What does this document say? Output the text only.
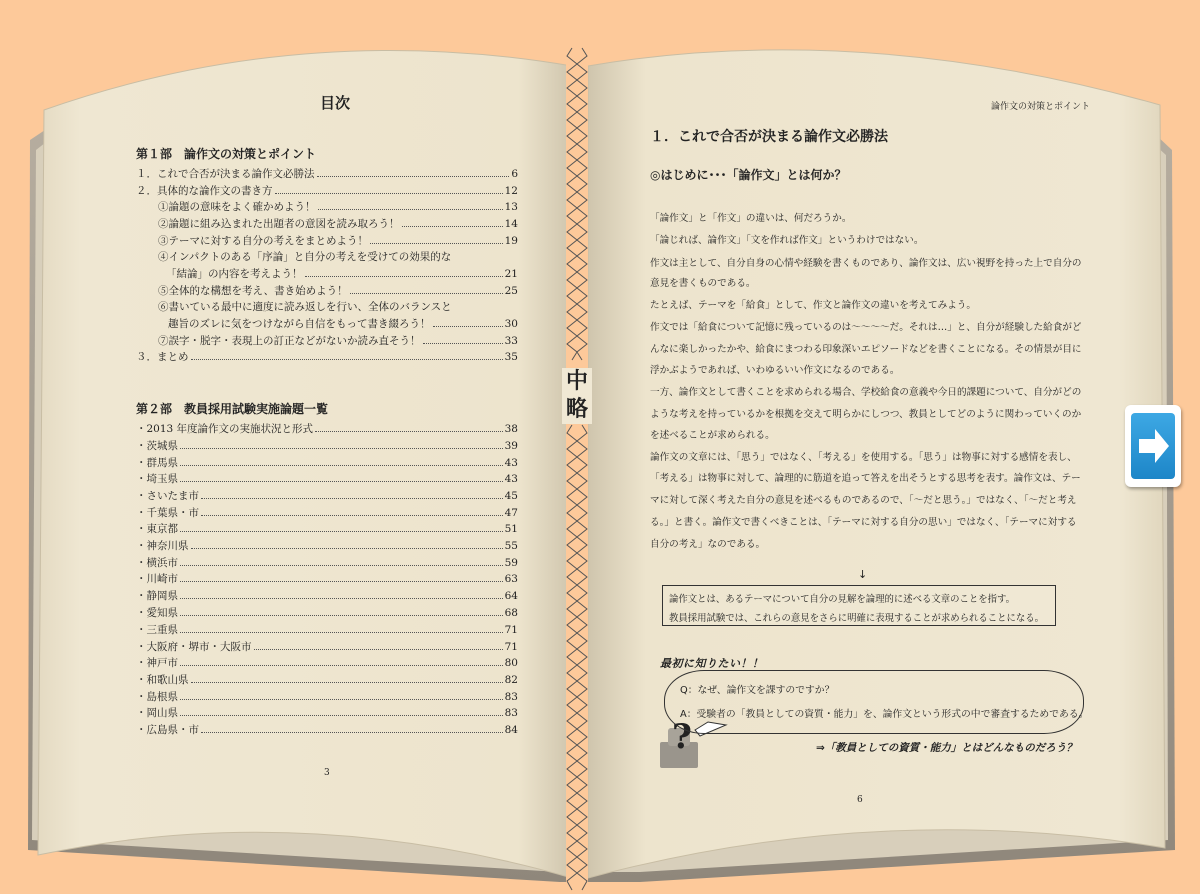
?
目次
第１部　論作文の対策とポイント
１．これで合否が決まる論作文必勝法	6
２．具体的な論作文の書き方	12
①論題の意味をよく確かめよう！	13
②論題に組み込まれた出題者の意図を読み取ろう！	14
③テーマに対する自分の考えをまとめよう！	19
④インパクトのある「序論」と自分の考えを受けての効果的な
「結論」の内容を考えよう！	21
⑤全体的な構想を考え、書き始めよう！	25
⑥書いている最中に適度に読み返しを行い、全体のバランスと
趣旨のズレに気をつけながら自信をもって書き綴ろう！	30
⑦誤字・脱字・表現上の訂正などがないか読み直そう！	33
３．まとめ	35
第２部　教員採用試験実施論題一覧
・2013 年度論作文の実施状況と形式	38
・茨城県	39
・群馬県	43
・埼玉県	43
・さいたま市	45
・千葉県・市	47
・東京都	51
・神奈川県	55
・横浜市	59
・川崎市	63
・静岡県	64
・愛知県	68
・三重県	71
・大阪府・堺市・大阪市	71
・神戸市	80
・和歌山県	82
・島根県	83
・岡山県	83
・広島県・市	84
3
中略
論作文の対策とポイント
１．これで合否が決まる論作文必勝法
◎はじめに･･･「論作文」とは何か？
「論作文」と「作文」の違いは、何だろうか。
「論じれば、論作文」「文を作れば作文」というわけではない。
作文は主として、自分自身の心情や経験を書くものであり、論作文は、広い視野を持った上で自分の
意見を書くものである。
たとえば、テーマを「給食」として、作文と論作文の違いを考えてみよう。
作文では「給食について記憶に残っているのは〜〜〜〜だ。それは…」と、自分が経験した給食がど
んなに楽しかったかや、給食にまつわる印象深いエピソードなどを書くことになる。その情景が目に
浮かぶようであれば、いわゆるいい作文になるのである。
一方、論作文として書くことを求められる場合、学校給食の意義や今日的課題について、自分がどの
ような考えを持っているかを根拠を交えて明らかにしつつ、教員としてどのように関わっていくのか
を述べることが求められる。
論作文の文章には、「思う」ではなく、「考える」を使用する。「思う」は物事に対する感情を表し、
「考える」は物事に対して、論理的に筋道を追って答えを出そうとする思考を表す。論作文は、テー
マに対して深く考えた自分の意見を述べるものであるので、「〜だと思う。」ではなく、「〜だと考え
る。」と書く。論作文で書くべきことは、「テーマに対する自分の思い」ではなく、「テーマに対する
自分の考え」なのである。
↓
論作文とは、あるテーマについて自分の見解を論理的に述べる文章のことを指す。
教員採用試験では、これらの意見をさらに明確に表現することが求められることになる。
最初に知りたい！！
Q：なぜ、論作文を課すのですか？
A：受験者の「教員としての資質・能力」を、論作文という形式の中で審査するためである。
⇒「教員としての資質・能力」とはどんなものだろう？
6
